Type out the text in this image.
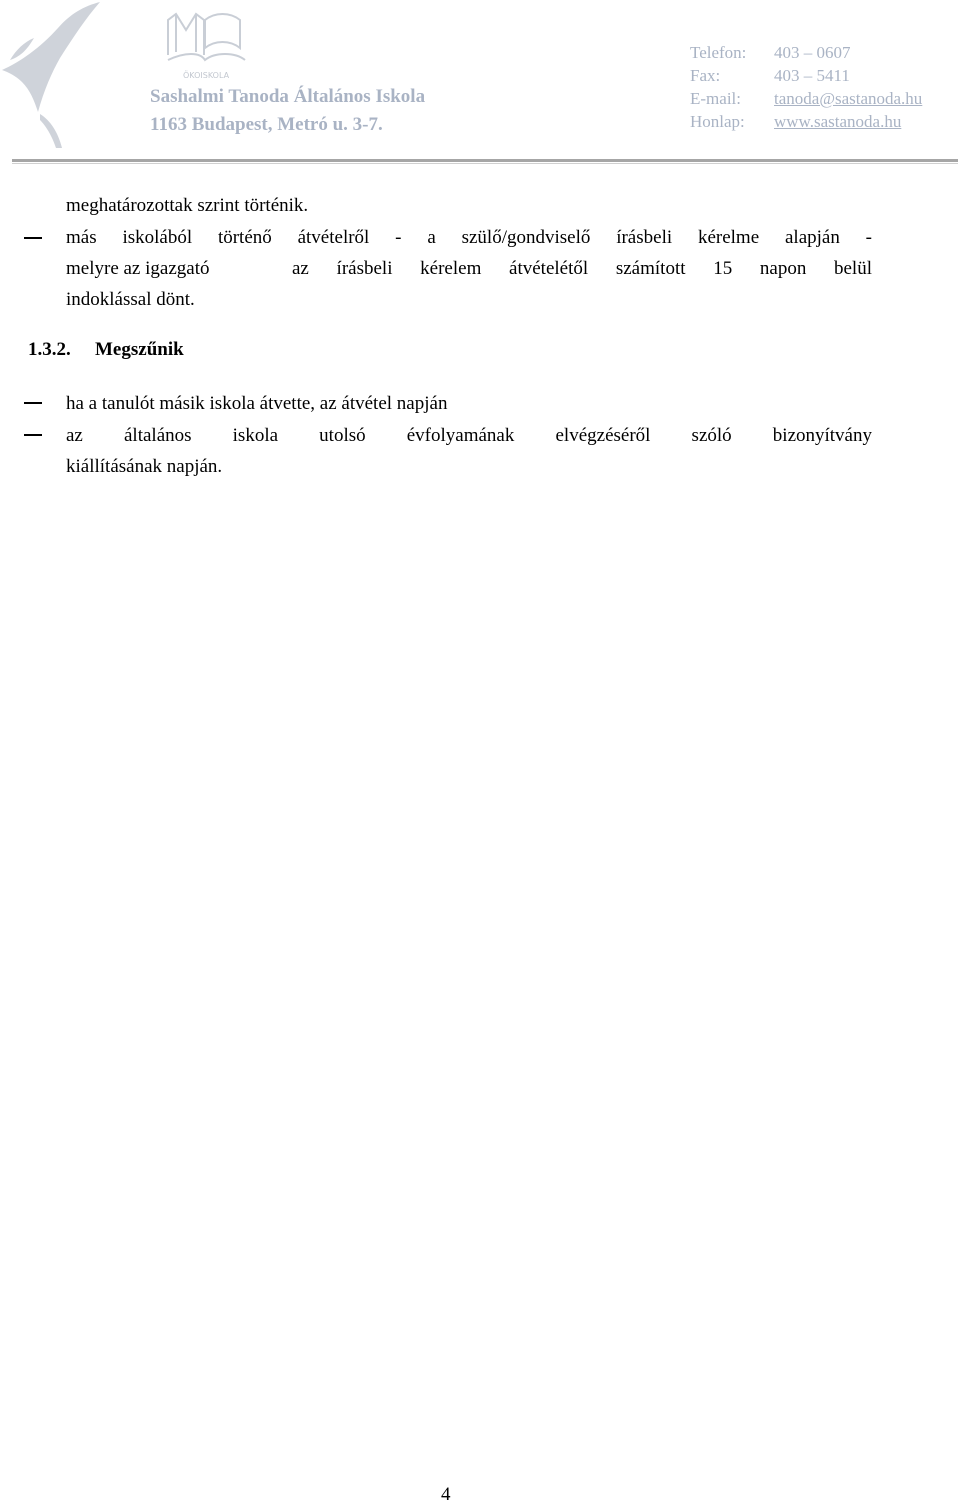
ÖKOISKOLA
Sashalmi Tanoda Általános Iskola
1163 Budapest, Metró u. 3-7.
Telefon:	403 – 0607
Fax:	403 – 5411
E-mail:	tanoda@sastanoda.hu
Honlap:	www.sastanoda.hu
meghatározottak szrint történik.
más iskolából történő átvételről - a szülő/gondviselő írásbeli kérelme alapján -
melyre az igazgató	az írásbeli kérelem átvételétől számított 15 napon belül
indoklással dönt.
1.3.2. Megszűnik
ha a tanulót másik iskola átvette, az átvétel napján
az általános iskola utolsó évfolyamának elvégzéséről szóló bizonyítvány
kiállításának napján.
4
